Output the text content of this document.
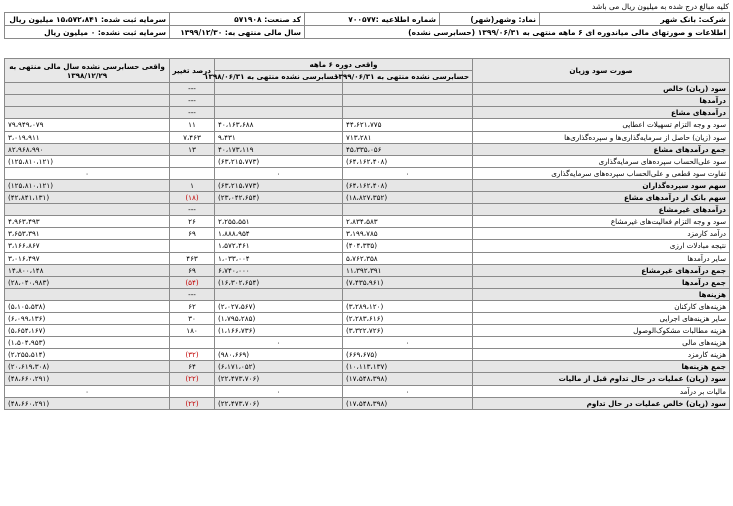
کلیه مبالغ درج شده به میلیون ریال می باشد
شرکت: بانک شهر	نماد: وشهر(شهر)	شماره اطلاعیه :۷۰۰۵۷۷	کد صنعت: ۵۷۱۹۰۸	سرمایه ثبت شده: ۱۵،۵۷۲،۸۴۱ میلیون ریال
اطلاعات و صورتهای مالی میاندوره ای ۶ ماهه منتهی به ۱۳۹۹/۰۶/۳۱ (حسابرسی نشده)			سال مالی منتهی به: ۱۳۹۹/۱۲/۳۰	سرمایه ثبت نشده: ۰ میلیون ریال
صورت سود وزیان	واقعی دوره ۶ ماهه		درصد تغییر	واقعی حسابرسی نشده سال مالی منتهی به ۱۳۹۸/۱۲/۲۹
	حسابرسی نشده منتهی به ۱۳۹۹/۰۶/۳۱	حسابرسی نشده منتهی به ۱۳۹۸/۰۶/۳۱		
سود (زیان) خالص			---	
درآمدها			---	
درآمدهای مشاع			---	
سود و وجه التزام تسهیلات اعطایی	۴۴،۶۲۱،۷۷۵	۴۰،۱۶۳،۶۸۸	۱۱	۷۹،۹۴۹،۰۷۹
سود (زیان) حاصل از سرمایه‌گذاری‌ها و سپرده‌گذاری‌ها	۷۱۳،۲۸۱	۹،۴۳۱	۷،۴۶۳	۳،۰۱۹،۹۱۱
جمع درآمدهای مشاع	۴۵،۳۳۵،۰۵۶	۴۰،۱۷۳،۱۱۹	۱۳	۸۲،۹۶۸،۹۹۰
سود علی‌الحساب سپرده‌های سرمایه‌گذاری	(۶۴،۱۶۲،۴۰۸)	(۶۳،۲۱۵،۷۷۳)		(۱۲۵،۸۱۰،۱۲۱)
تفاوت سود قطعی و علی‌الحساب سپرده‌های سرمایه‌گذاری	۰	۰		۰
سهم سود سپرده‌گذاران	(۶۴،۱۶۲،۴۰۸)	(۶۳،۲۱۵،۷۷۳)	۱	(۱۲۵،۸۱۰،۱۲۱)
سهم بانک از درآمدهای مشاع	(۱۸،۸۲۷،۳۵۲)	(۲۳،۰۴۲،۶۵۴)	(۱۸)	(۴۲،۸۴۱،۱۳۱)
درآمدهای غیرمشاع			---	
سود و وجه التزام فعالیت‌های غیرمشاع	۲،۸۳۴،۵۸۳	۲،۲۵۵،۵۵۱	۲۶	۴،۹۶۳،۴۹۳
درآمد کارمزد	۳،۱۹۹،۷۸۵	۱،۸۸۸،۹۵۴	۶۹	۳،۶۵۳،۳۹۱
نتیجه مبادلات ارزی	(۴۰۴،۳۳۵)	۱،۵۷۲،۴۶۱		۳،۱۶۶،۸۶۷
سایر درآمدها	۵،۷۶۲،۳۵۸	۱،۰۳۳،۰۰۴	۴۶۳	۳،۰۱۶،۴۹۷
جمع درآمدهای غیرمشاع	۱۱،۳۹۲،۳۹۱	۶،۷۴۰،۰۰۰	۶۹	۱۴،۸۰۰،۱۴۸
جمع درآمدها	(۷،۴۳۵،۹۶۱)	(۱۶،۳۰۲،۶۵۴)	(۵۴)	(۲۸،۰۴۰،۹۸۳)
هزینه‌ها			---	
هزینه‌های کارکنان	(۳،۲۸۹،۱۲۰)	(۲،۰۲۷،۵۶۷)	۶۲	(۵،۱۰۵،۵۳۸)
سایر هزینه‌های اجرایی	(۲،۲۸۳،۶۱۶)	(۱،۷۹۵،۲۸۵)	۳۰	(۶،۰۹۹،۱۳۶)
هزینه مطالبات مشکوک‌الوصول	(۳،۳۲۲،۷۲۶)	(۱،۱۶۶،۷۳۶)	۱۸۰	(۵،۶۵۴،۱۶۷)
هزینه‌های مالی	۰	۰		(۱،۵۰۴،۹۵۳)
هزینه کارمزد	(۶۶۹،۶۷۵)	(۹۸۰،۶۶۹)	(۳۲)	(۲،۲۵۵،۵۱۴)
جمع هزینه‌ها	(۱۰،۱۱۳،۱۳۷)	(۶،۱۷۱،۰۵۲)	۶۴	(۲۰،۶۱۹،۳۰۸)
سود (زیان) عملیات در حال تداوم قبل از مالیات	(۱۷،۵۴۸،۳۹۸)	(۲۲،۴۷۳،۷۰۶)	(۲۲)	(۴۸،۶۶۰،۲۹۱)
مالیات بر درآمد	۰	۰		۰
سود (زیان) خالص عملیات در حال تداوم	(۱۷،۵۴۸،۳۹۸)	(۲۲،۴۷۳،۷۰۶)	(۲۲)	(۴۸،۶۶۰،۲۹۱)
